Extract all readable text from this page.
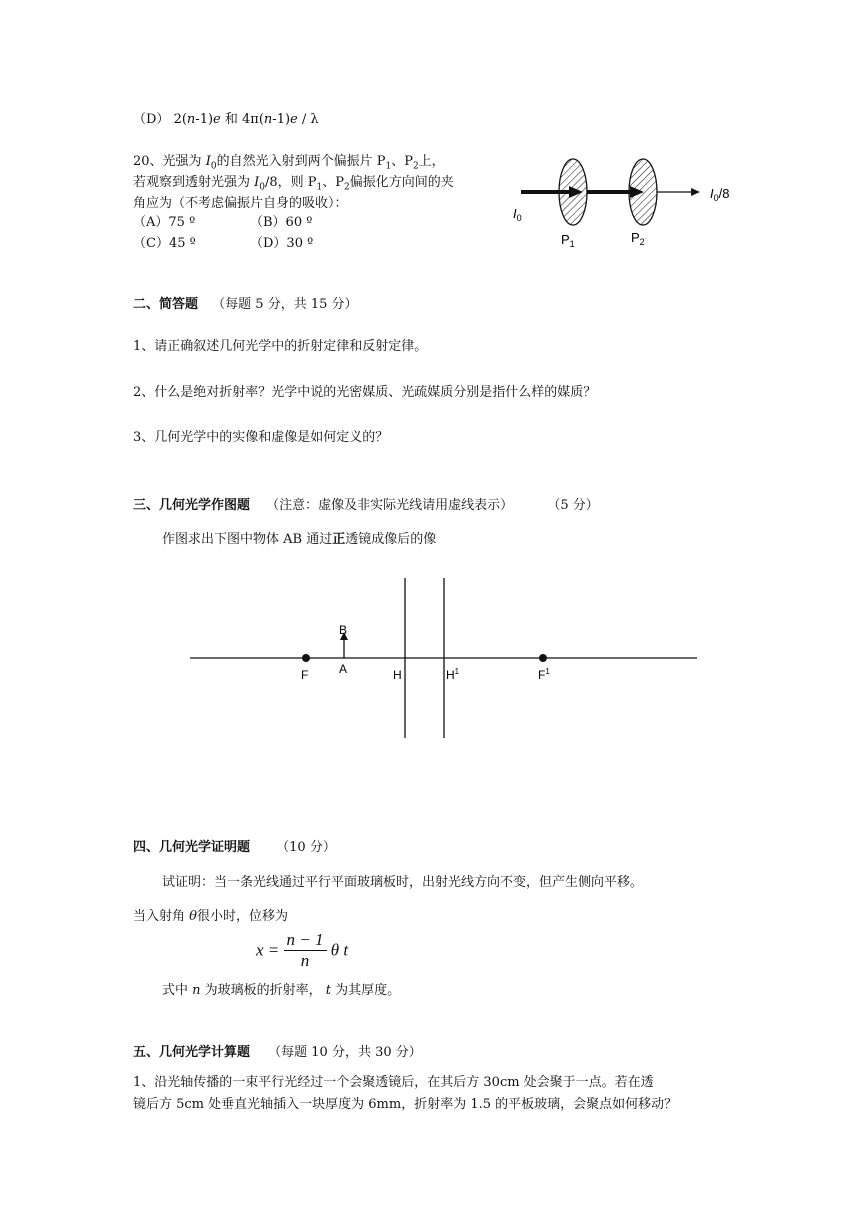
（D） 2(n-1)e 和 4π(n-1)e / λ
20、光强为 $I_0$的自然光入射到两个偏振片 $P_1$、$P_2$上，
若观察到透射光强为 $I_0/8$，则 $P_1$、$P_2$偏振化方向间的夹
角应为（不考虑偏振片自身的吸收）：
（A）75 º	（B）60 º
（C）45 º	（D）30 º
$I_0/8$
$I_0$
$P_1$	$P_2$
二、简答题 （每题 5 分，共 15 分）
1、请正确叙述几何光学中的折射定律和反射定律。
2、什么是绝对折射率？光学中说的光密媒质、光疏媒质分别是指什么样的媒质？
3、几何光学中的实像和虚像是如何定义的？
三、几何光学作图题 （注意：虚像及非实际光线请用虚线表示）	（5 分）
作图求出下图中物体 AB 通过正透镜成像后的像
B
A
F	H	$H^1$	$F^1$
四、几何光学证明题 （10 分）
试证明：当一条光线通过平行平面玻璃板时，出射光线方向不变，但产生侧向平移。
当入射角 θ很小时，位移为
$x = \frac{n - 1}{n}$ θ t
式中 n 为玻璃板的折射率， t 为其厚度。
五、几何光学计算题 （每题 10 分，共 30 分）
1、沿光轴传播的一束平行光经过一个会聚透镜后，在其后方 30cm 处会聚于一点。若在透
镜后方 5cm 处垂直光轴插入一块厚度为 6mm，折射率为 1.5 的平板玻璃，会聚点如何移动？
